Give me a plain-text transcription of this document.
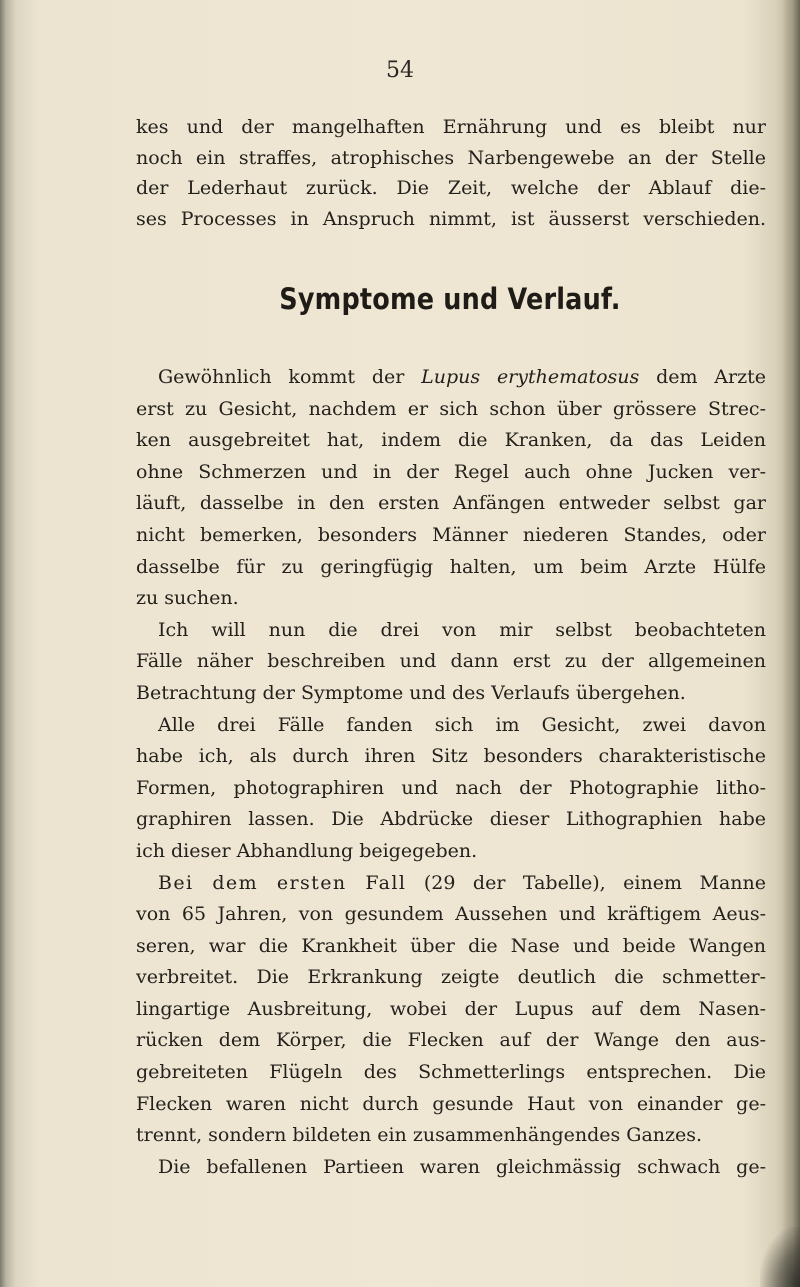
54
kes und der mangelhaften Ernährung und es bleibt nur
noch ein straffes, atrophisches Narbengewebe an der Stelle
der Lederhaut zurück. Die Zeit, welche der Ablauf die-
ses Processes in Anspruch nimmt, ist äusserst verschieden.
Symptome und Verlauf.
Gewöhnlich kommt der Lupus erythematosus dem Arzte
erst zu Gesicht, nachdem er sich schon über grössere Strec-
ken ausgebreitet hat, indem die Kranken, da das Leiden
ohne Schmerzen und in der Regel auch ohne Jucken ver-
läuft, dasselbe in den ersten Anfängen entweder selbst gar
nicht bemerken, besonders Männer niederen Standes, oder
dasselbe für zu geringfügig halten, um beim Arzte Hülfe
zu suchen.
Ich will nun die drei von mir selbst beobachteten
Fälle näher beschreiben und dann erst zu der allgemeinen
Betrachtung der Symptome und des Verlaufs übergehen.
Alle drei Fälle fanden sich im Gesicht, zwei davon
habe ich, als durch ihren Sitz besonders charakteristische
Formen, photographiren und nach der Photographie litho-
graphiren lassen. Die Abdrücke dieser Lithographien habe
ich dieser Abhandlung beigegeben.
Bei dem ersten Fall (29 der Tabelle), einem Manne
von 65 Jahren, von gesundem Aussehen und kräftigem Aeus-
seren, war die Krankheit über die Nase und beide Wangen
verbreitet. Die Erkrankung zeigte deutlich die schmetter-
lingartige Ausbreitung, wobei der Lupus auf dem Nasen-
rücken dem Körper, die Flecken auf der Wange den aus-
gebreiteten Flügeln des Schmetterlings entsprechen. Die
Flecken waren nicht durch gesunde Haut von einander ge-
trennt, sondern bildeten ein zusammenhängendes Ganzes.
Die befallenen Partieen waren gleichmässig schwach ge-
